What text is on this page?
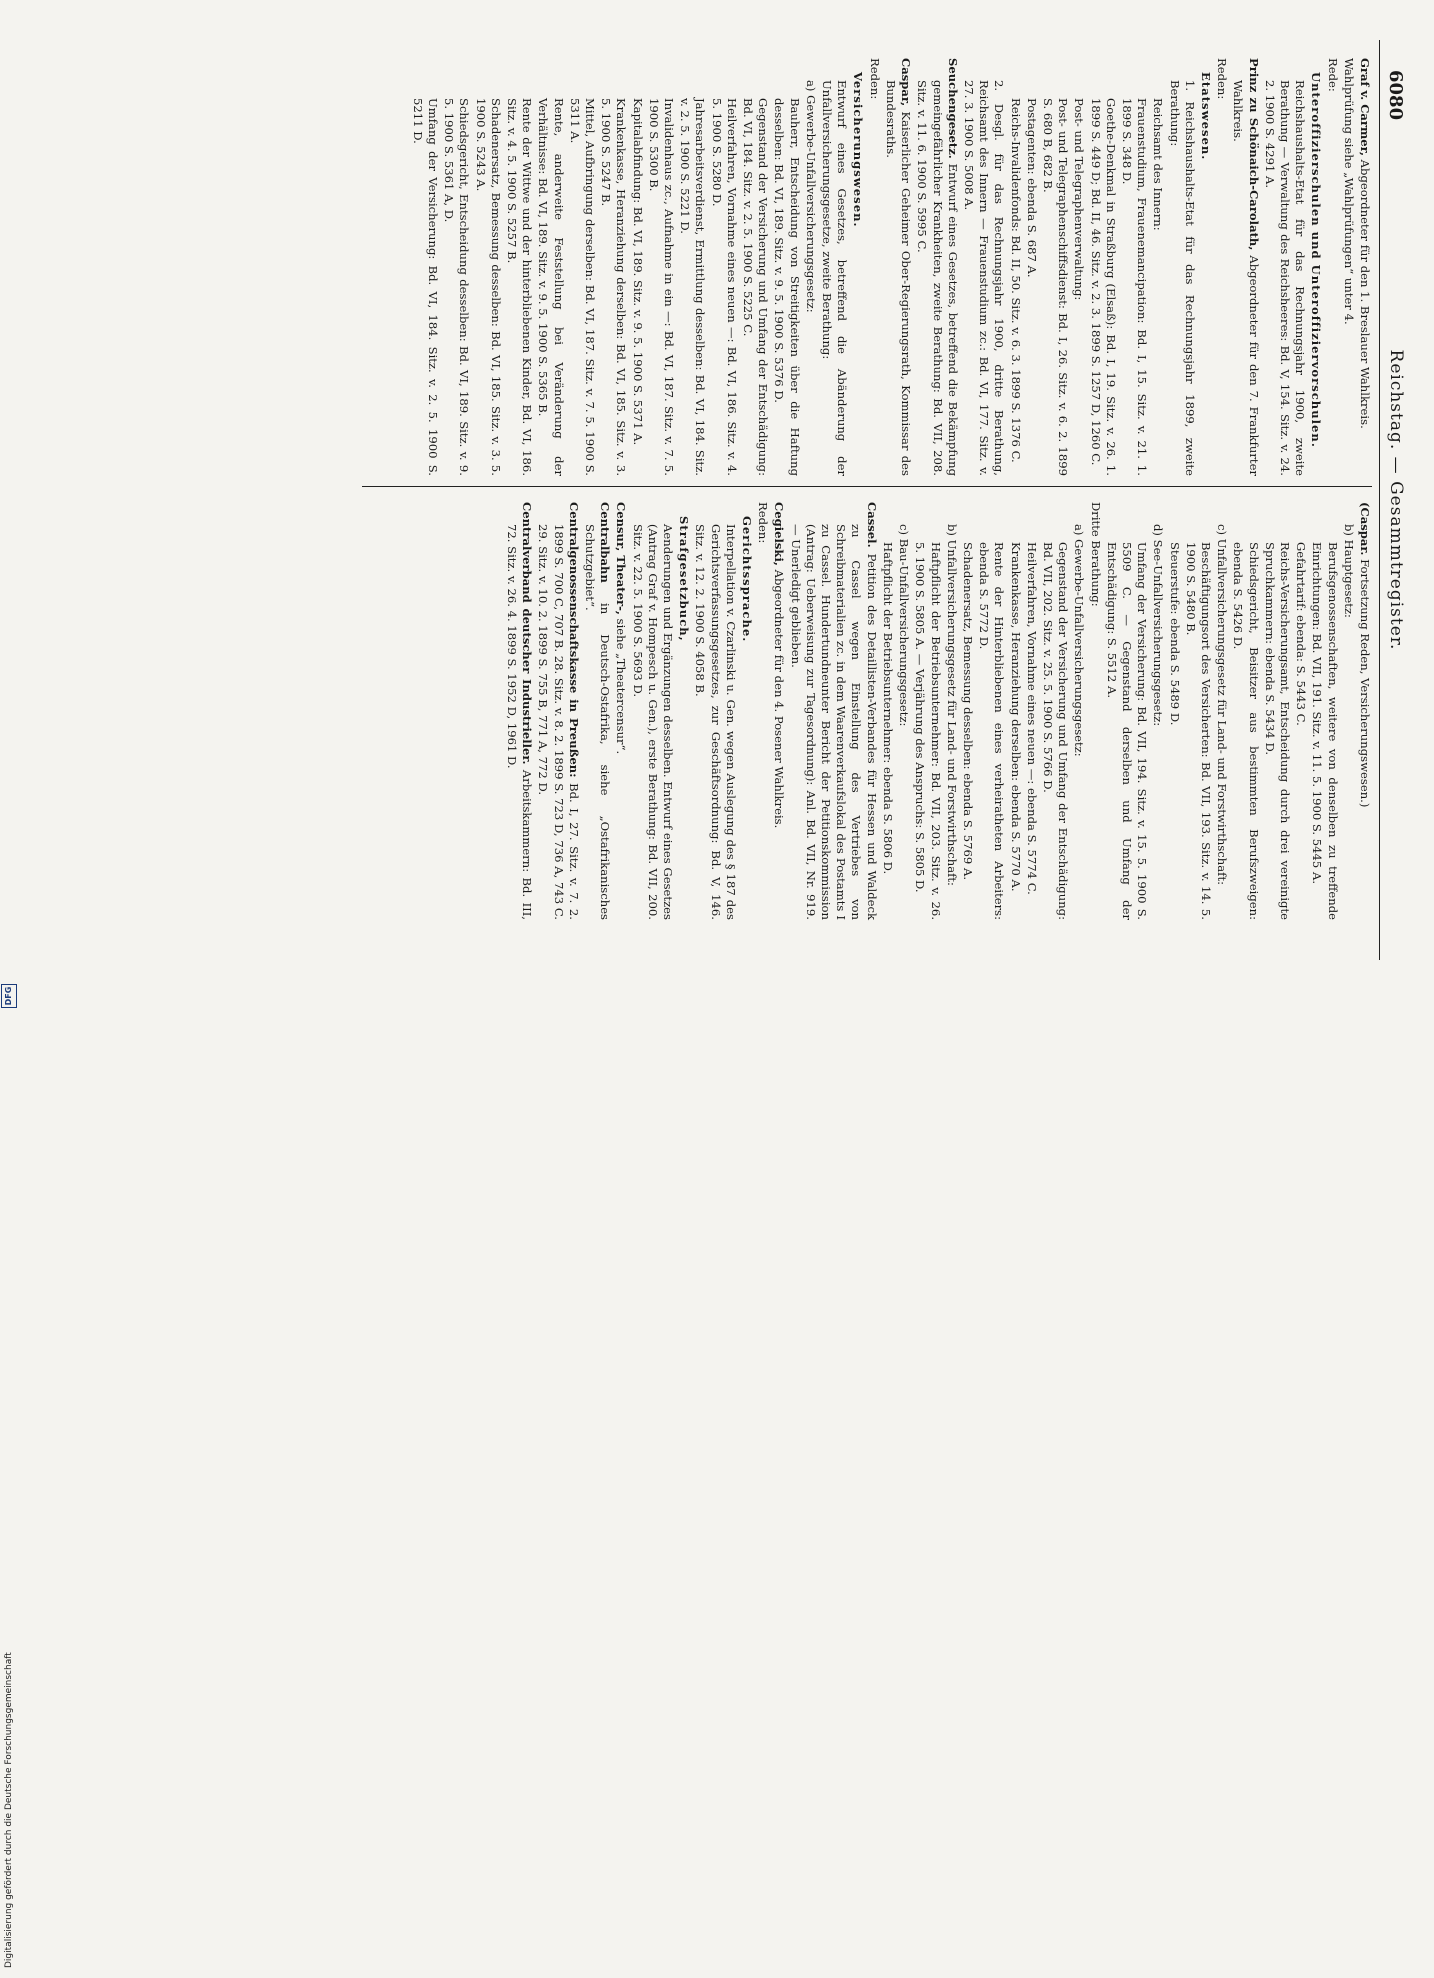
6080
Reichstag. — Gesammtregister.

Graf v. Carmer, Abgeordneter für den 1. Breslauer Wahlkreis.

Wahlprüfung siehe „Wahlprüfungen“ unter 4.

Rede:

Unteroffizierschulen und Unteroffiziervorschulen.

Reichshaushalts-Etat für das Rechnungsjahr 1900, zweite Berathung — Verwaltung des Reichsheeres: Bd. V, 154. Sitz. v. 24. 2. 1900 S. 4291 A.

Prinz zu Schönaich-Carolath, Abgeordneter für den 7. Frankfurter Wahlkreis.

Reden:

Etatswesen.

1. Reichshaushalts-Etat für das Rechnungsjahr 1899, zweite Berathung:

Reichsamt des Innern:

Frauenstudium, Frauenemancipation: Bd. I, 15. Sitz. v. 21. 1. 1899 S. 348 D.

Goethe-Denkmal in Straßburg (Elsaß): Bd. I, 19. Sitz. v. 26. 1. 1899 S. 449 D; Bd. II, 46. Sitz. v. 2. 3. 1899 S. 1257 D, 1260 C.

Post- und Telegraphenverwaltung:

Post- und Telegraphenschiffsdienst: Bd. I, 26. Sitz. v. 6. 2. 1899 S. 680 B, 682 B.

Postagenten: ebenda S. 687 A.

Reichs-Invalidenfonds: Bd. II, 50. Sitz. v. 6. 3. 1899 S. 1376 C.

2. Desgl. für das Rechnungsjahr 1900, dritte Berathung, Reichsamt des Innern — Frauenstudium zc.: Bd. VI, 177. Sitz. v. 27. 3. 1900 S. 5008 A.

Seuchengesetz. Entwurf eines Gesetzes, betreffend die Bekämpfung gemeingefährlicher Krankheiten, zweite Berathung: Bd. VII, 208. Sitz. v. 11. 6. 1900 S. 5995 C.

Caspar, Kaiserlicher Geheimer Ober-Regierungsrath, Kommissar des Bundesraths.

Reden:

Versicherungswesen.

Entwurf eines Gesetzes, betreffend die Abänderung der Unfallversicherungsgesetze, zweite Berathung:

a) Gewerbe-Unfallversicherungsgesetz:

Bauherr, Entscheidung von Streitigkeiten über die Haftung desselben: Bd. VI, 189. Sitz. v. 9. 5. 1900 S. 5376 D.

Gegenstand der Versicherung und Umfang der Entschädigung: Bd. VI, 184. Sitz. v. 2. 5. 1900 S. 5225 C.

Heilverfahren, Vornahme eines neuen —: Bd. VI, 186. Sitz. v. 4. 5. 1900 S. 5280 D.

Jahresarbeitsverdienst, Ermittlung desselben: Bd. VI, 184. Sitz. v. 2. 5. 1900 S. 5221 D.

Invalidenhaus zc., Aufnahme in ein —: Bd. VI, 187. Sitz. v. 7. 5. 1900 S. 5300 B.

Kapitalabfindung: Bd. VI, 189. Sitz. v. 9. 5. 1900 S. 5371 A.

Krankenkasse, Heranziehung derselben: Bd. VI, 185. Sitz. v. 3. 5. 1900 S. 5247 B.

Mittel, Aufbringung derselben: Bd. VI, 187. Sitz. v. 7. 5. 1900 S. 5311 A.

Rente, anderweite Feststellung bei Veränderung der Verhältnisse: Bd. VI, 189. Sitz. v. 9. 5. 1900 S. 5365 B.

Rente der Wittwe und der hinterbliebenen Kinder, Bd. VI, 186. Sitz. v. 4. 5. 1900 S. 5257 B.

Schadenersatz, Bemessung desselben: Bd. VI, 185. Sitz. v. 3. 5. 1900 S. 5243 A.

Schiedsgericht, Entscheidung desselben: Bd. VI, 189. Sitz. v. 9. 5. 1900 S. 5361 A, D.

Umfang der Versicherung: Bd. VI, 184. Sitz. v. 2. 5. 1900 S. 5211 D.

(Caspar. Fortsetzung Reden, Versicherungswesen.)

b) Hauptgesetz:

Berufsgenossenschaften, weitere von denselben zu treffende Einrichtungen: Bd. VII, 191. Sitz. v. 11. 5. 1900 S. 5445 A.

Gefahrtarif: ebenda: S. 5443 C.

Reichs-Versicherungsamt, Entscheidung durch drei vereinigte Spruchkammern: ebenda S. 5434 D.

Schiedsgericht, Beisitzer aus bestimmten Berufszweigen: ebenda S. 5426 D.

c) Unfallversicherungsgesetz für Land- und Forstwirthschaft:

Beschäftigungsort des Versicherten: Bd. VII, 193. Sitz. v. 14. 5. 1900 S. 5480 B.

Steuerstufe: ebenda S. 5489 D.

d) See-Unfallversicherungsgesetz:

Umfang der Versicherung: Bd. VII, 194. Sitz. v. 15. 5. 1900 S. 5509 C. — Gegenstand derselben und Umfang der Entschädigung: S. 5512 A.

Dritte Berathung:

a) Gewerbe-Unfallversicherungsgesetz:

Gegenstand der Versicherung und Umfang der Entschädigung: Bd. VII, 202. Sitz. v. 25. 5. 1900 S. 5766 D.

Heilverfahren, Vornahme eines neuen —: ebenda S. 5774 C.

Krankenkasse, Heranziehung derselben: ebenda S. 5770 A.

Rente der Hinterbliebenen eines verheiratheten Arbeiters: ebenda S. 5772 D.

Schadenersatz, Bemessung desselben: ebenda S. 5769 A.

b) Unfallversicherungsgesetz für Land- und Forstwirthschaft:

Haftpflicht der Betriebsunternehmer: Bd. VII, 203. Sitz. v. 26. 5. 1900 S. 5805 A. — Verjährung des Anspruchs: S. 5805 D.

c) Bau-Unfallversicherungsgesetz:

Haftpflicht der Betriebsunternehmer: ebenda S. 5806 D.

Cassel. Petition des Detaillisten-Verbandes für Hessen und Waldeck zu Cassel wegen Einstellung des Vertriebes von Schreibmaterialien zc. in dem Waarenverkaufslokal des Postamts I zu Cassel. Hundertundneunter Bericht der Petitionskommission (Antrag: Ueberweisung zur Tagesordnung): Anl. Bd. VII, Nr. 919. — Unerledigt geblieben.

Cegielski, Abgeordneter für den 4. Posener Wahlkreis.

Reden:

Gerichtssprache.

Interpellation v. Czarlinski u. Gen. wegen Auslegung des § 187 des Gerichtsverfassungsgesetzes, zur Geschäftsordnung: Bd. V, 146. Sitz. v. 12. 2. 1900 S. 4058 B.

Strafgesetzbuch,

Aenderungen und Ergänzungen desselben. Entwurf eines Gesetzes (Antrag Graf v. Hompesch u. Gen.), erste Berathung: Bd. VII, 200. Sitz. v. 22. 5. 1900 S. 5693 D.

Censur, Theater-, siehe „Theatercensur“.

Centralbahn in Deutsch-Ostafrika, siehe „Ostafrikanisches Schutzgebiet“.

Centralgenossenschaftskasse in Preußen: Bd. I, 27. Sitz. v. 7. 2. 1899 S. 700 C, 707 B. 28. Sitz. v. 8. 2. 1899 S. 723 D, 736 A, 743 C. 29. Sitz. v. 10. 2. 1899 S. 755 B, 771 A, 772 D.

Centralverband deutscher Industrieller. Arbeitskammern: Bd. III, 72. Sitz. v. 26. 4. 1899 S. 1952 D, 1961 D.

Digitalisierung gefördert durch die Deutsche Forschungsgemeinschaft
DFG
